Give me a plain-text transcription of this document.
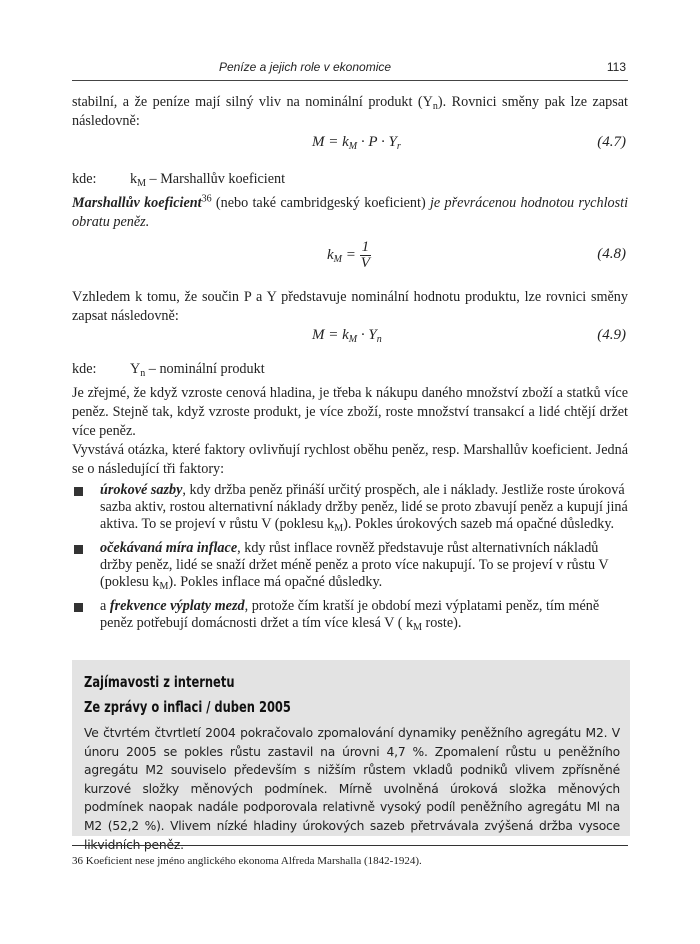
Peníze a jejich role v ekonomice	113

stabilní, a že peníze mají silný vliv na nominální produkt $(Y_n)$. Rovnici směny pak lze zapsat následovně:

$M = k_M \cdot P \cdot Y_r$	(4.7)

kde: $k_M$ – Marshallův koeficient

Marshallův koeficient$^{36}$ (nebo také cambridgeský koeficient) je převrácenou hodnotou rychlosti obratu peněz.

$k_M = \frac{1}{V}$	(4.8)

Vzhledem k tomu, že součin P a Y představuje nominální hodnotu produktu, lze rovnici směny zapsat následovně:

$M = k_M \cdot Y_n$	(4.9)

kde: $Y_n$ – nominální produkt

Je zřejmé, že když vzroste cenová hladina, je třeba k nákupu daného množství zboží a statků více peněz. Stejně tak, když vzroste produkt, je více zboží, roste množství transakcí a lidé chtějí držet více peněz.

Vyvstává otázka, které faktory ovlivňují rychlost oběhu peněz, resp. Marshallův koeficient. Jedná se o následující tři faktory:

úrokové sazby, kdy držba peněz přináší určitý prospěch, ale i náklady. Jestliže roste úroková sazba aktiv, rostou alternativní náklady držby peněz, lidé se proto zbavují peněz a kupují jiná aktiva. To se projeví v růstu V (poklesu $k_M$). Pokles úrokových sazeb má opačné důsledky.
očekávaná míra inflace, kdy růst inflace rovněž představuje růst alternativních nákladů držby peněz, lidé se snaží držet méně peněz a proto více nakupují. To se projeví v růstu V (poklesu $k_M$). Pokles inflace má opačné důsledky.
a frekvence výplaty mezd, protože čím kratší je období mezi výplatami peněz, tím méně peněz potřebují domácnosti držet a tím více klesá V ( $k_M$ roste).
Zajímavosti z internetu
Ze zprávy o inflaci / duben 2005
Ve čtvrtém čtvrtletí 2004 pokračovalo zpomalování dynamiky peněžního agregátu M2. V únoru 2005 se pokles růstu zastavil na úrovni 4,7 %. Zpomalení růstu u peněžního agregátu M2 souviselo především s nižším růstem vkladů podniků vlivem zpřísněné kurzové složky měnových podmínek. Mírně uvolněná úroková složka měnových podmínek naopak nadále podporovala relativně vysoký podíl peněžního agregátu Ml na M2 (52,2 %). Vlivem nízké hladiny úrokových sazeb přetrvávala zvýšená držba vysoce likvidních peněz.

36 Koeficient nese jméno anglického ekonoma Alfreda Marshalla (1842-1924).
